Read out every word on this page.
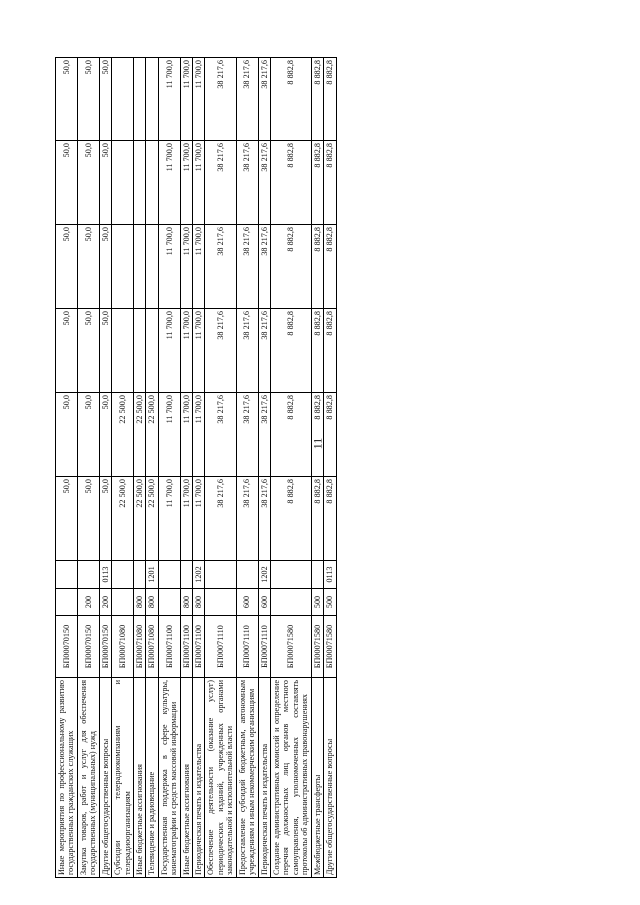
11
Иные мероприятия по профессиональному развитию государственных гражданских служащих	БП00070150			50,0	50,0	50,0	50,0	50,0	50,0
Закупка товаров, работ и услуг для обеспечения государственных (муниципальных) нужд	БП00070150	200		50,0	50,0	50,0	50,0	50,0	50,0
Другие общегосударственные вопросы	БП00070150	200	0113	50,0	50,0	50,0	50,0	50,0	50,0
Субсидии телерадиокомпаниям и телерадиоорганизациям	БП00071080			22 500,0	22 500,0				
Иные бюджетные ассигнования	БП00071080	800		22 500,0	22 500,0				
Телевидение и радиовещание	БП00071080	800	1201	22 500,0	22 500,0				
Государственная поддержка в сфере культуры, кинематографии и средств массовой информации	БП00071100			11 700,0	11 700,0	11 700,0	11 700,0	11 700,0	11 700,0
Иные бюджетные ассигнования	БП00071100	800		11 700,0	11 700,0	11 700,0	11 700,0	11 700,0	11 700,0
Периодическая печать и издательства	БП00071100	800	1202	11 700,0	11 700,0	11 700,0	11 700,0	11 700,0	11 700,0
Обеспечение деятельности (оказание услуг) периодических изданий, учрежденных органами законодательной и исполнительной власти	БП00071110			38 217,6	38 217,6	38 217,6	38 217,6	38 217,6	38 217,6
Предоставление субсидий бюджетным, автономным учреждениям и иным некоммерческим организациям	БП00071110	600		38 217,6	38 217,6	38 217,6	38 217,6	38 217,6	38 217,6
Периодическая печать и издательства	БП00071110	600	1202	38 217,6	38 217,6	38 217,6	38 217,6	38 217,6	38 217,6
Создание административных комиссий и определение перечня должностных лиц органов местного самоуправления, уполномоченных составлять протоколы об административных правонарушениях	БП00071580			8 882,8	8 882,8	8 882,8	8 882,8	8 882,8	8 882,8
Межбюджетные трансферты	БП00071580	500		8 882,8	8 882,8	8 882,8	8 882,8	8 882,8	8 882,8
Другие общегосударственные вопросы	БП00071580	500	0113	8 882,8	8 882,8	8 882,8	8 882,8	8 882,8	8 882,8
